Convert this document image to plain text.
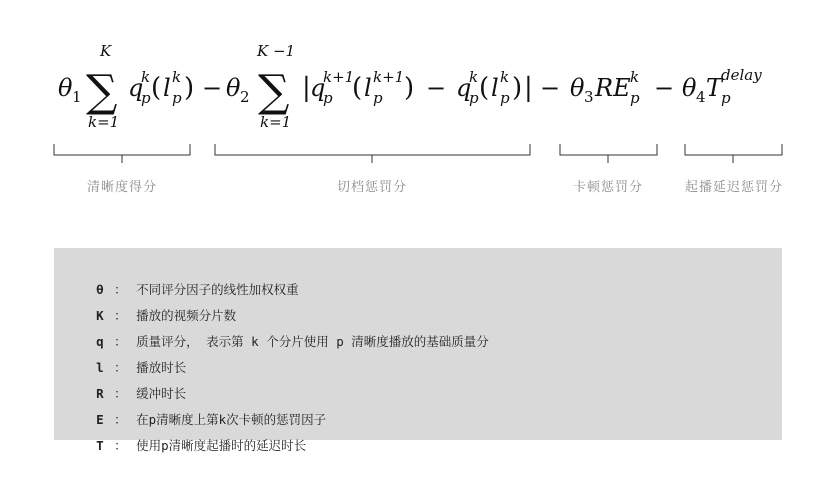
θ 1
K
∑
k=1
q
k
p ( l k
p ) − θ 2
K −1
∑
k=1
| q
k+1
p ( l k+1
p ) − q
k
p ( l k
p ) | − θ 3 RE k
p − θ 4 T
delay
p
清晰度得分	切档惩罚分	卡顿惩罚分	起播延迟惩罚分

θ ： 不同评分因子的线性加权权重

K ： 播放的视频分片数

q ： 质量评分， 表示第 k 个分片使用 p 清晰度播放的基础质量分

l ： 播放时长

R ： 缓冲时长

E ： 在p清晰度上第k次卡顿的惩罚因子

T ： 使用p清晰度起播时的延迟时长
